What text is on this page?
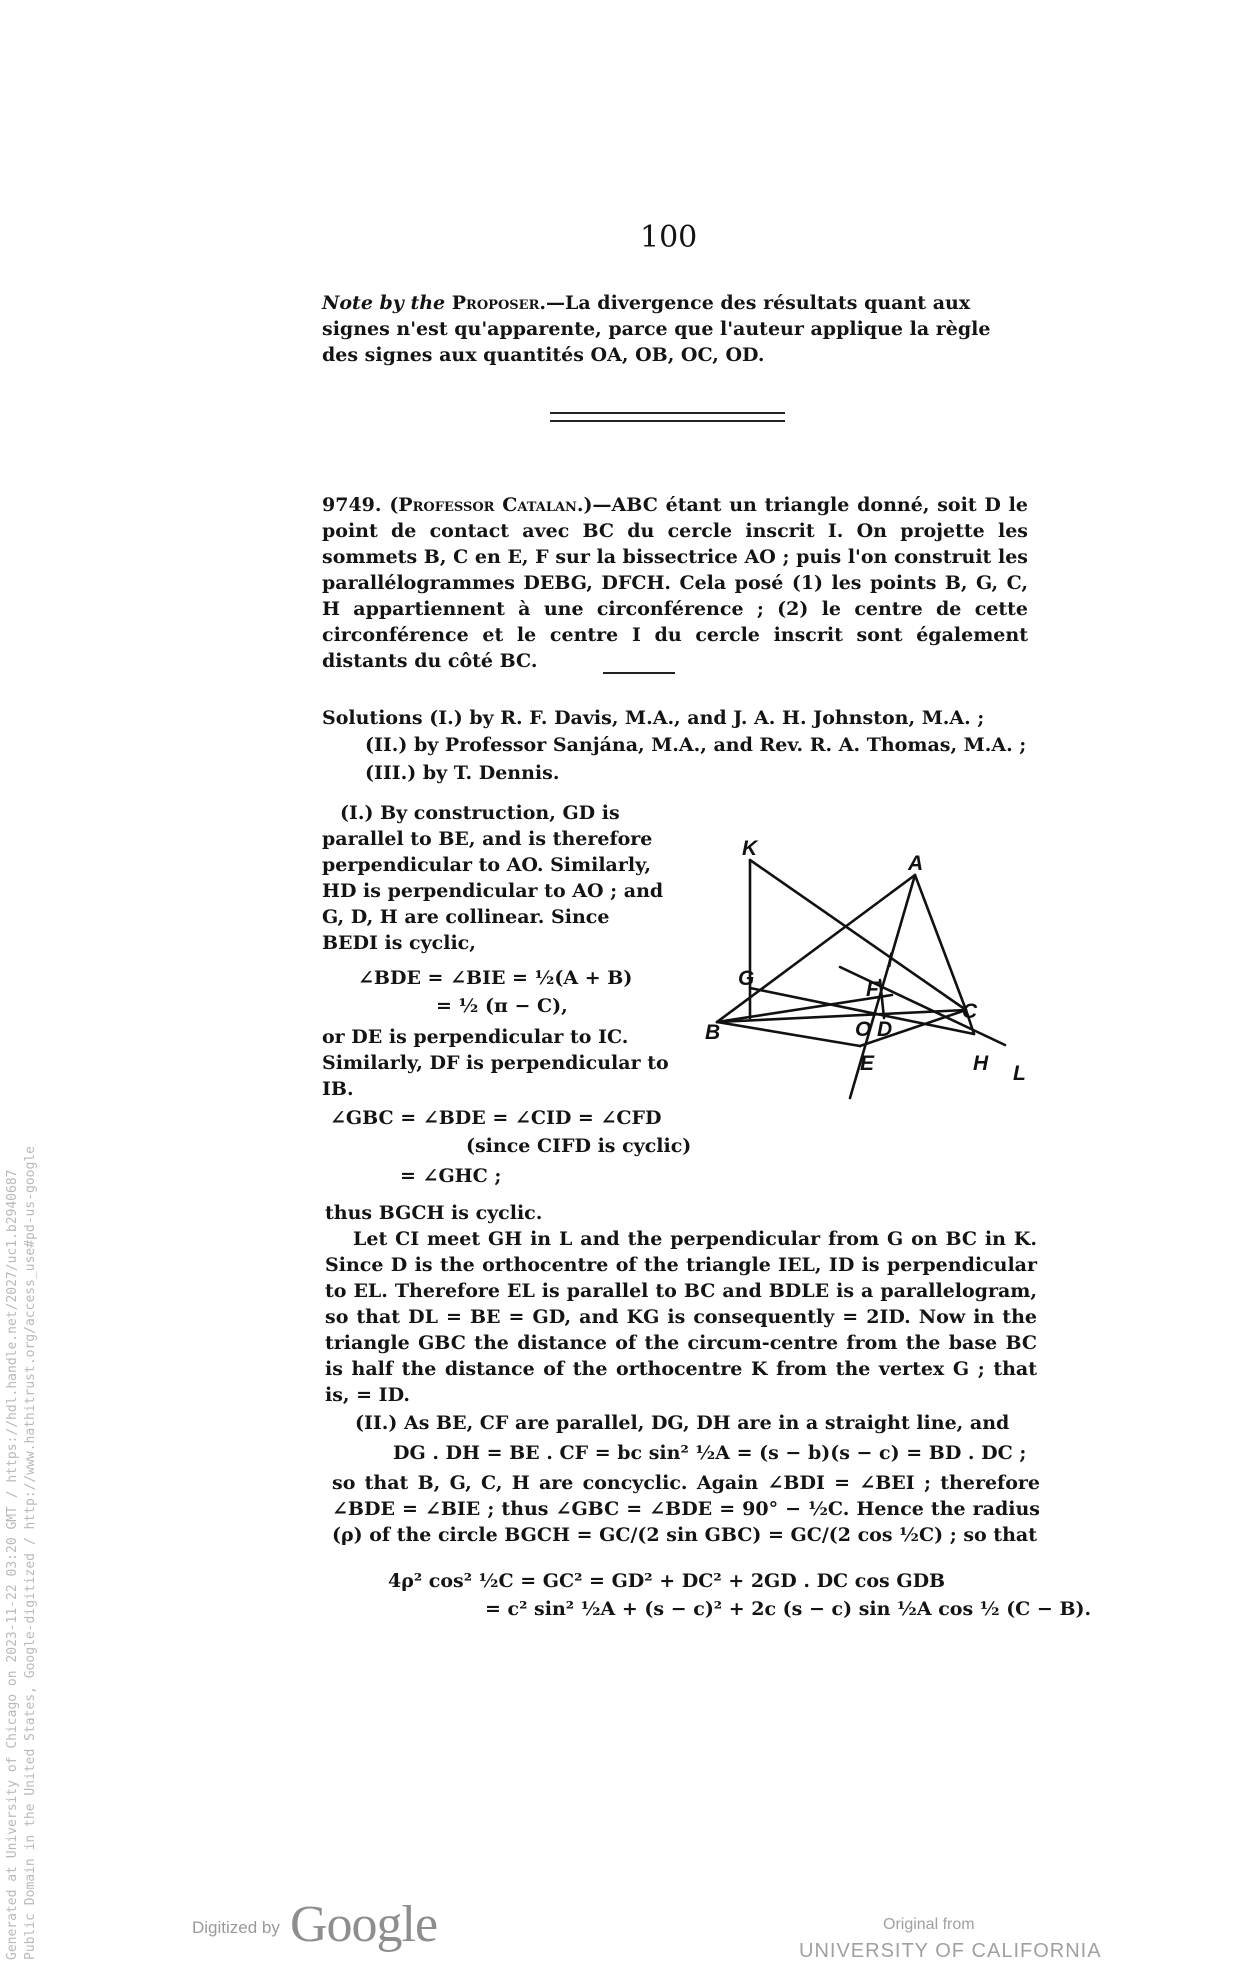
100
Note by the Proposer.—La divergence des résultats quant aux signes n'est qu'apparente, parce que l'auteur applique la règle des signes aux quantités OA, OB, OC, OD.
9749. (Professor Catalan.)—ABC étant un triangle donné, soit D le point de contact avec BC du cercle inscrit I. On projette les sommets B, C en E, F sur la bissectrice AO ; puis l'on construit les parallélogrammes DEBG, DFCH. Cela posé (1) les points B, G, C, H appartiennent à une circonférence ; (2) le centre de cette circonférence et le centre I du cercle inscrit sont également distants du côté BC.
Solutions (I.) by R. F. Davis, M.A., and J. A. H. Johnston, M.A. ;
(II.) by Professor Sanjána, M.A., and Rev. R. A. Thomas, M.A. ;
(III.) by T. Dennis.
(I.) By construction, GD is
parallel to BE, and is therefore
perpendicular to AO. Similarly,
HD is perpendicular to AO ; and
G, D, H are collinear. Since
BEDI is cyclic,
∠BDE = ∠BIE = ½(A + B)
= ½ (π − C),
or DE is perpendicular to IC.
Similarly, DF is perpendicular to
IB.
∠GBC = ∠BDE = ∠CID = ∠CFD
(since CIFD is cyclic)
= ∠GHC ;
thus BGCH is cyclic.
Let CI meet GH in L and the perpendicular from G on BC in K. Since D is the orthocentre of the triangle IEL, ID is perpendicular to EL. Therefore EL is parallel to BC and BDLE is a parallelogram, so that DL = BE = GD, and KG is consequently = 2ID. Now in the triangle GBC the distance of the circum-centre from the base BC is half the distance of the orthocentre K from the vertex G ; that is, = ID.
K
A
I
G	F
C
B	O D
E	H L
(II.) As BE, CF are parallel, DG, DH are in a straight line, and
DG . DH = BE . CF = bc sin² ½A = (s − b)(s − c) = BD . DC ;
so that B, G, C, H are concyclic. Again ∠BDI = ∠BEI ; therefore ∠BDE = ∠BIE ; thus ∠GBC = ∠BDE = 90° − ½C. Hence the radius (ρ) of the circle BGCH = GC/(2 sin GBC) = GC/(2 cos ½C) ; so that
4ρ² cos² ½C = GC² = GD² + DC² + 2GD . DC cos GDB
= c² sin² ½A + (s − c)² + 2c (s − c) sin ½A cos ½ (C − B).
Generated at University of Chicago on 2023-11-22 03:20 GMT / https://hdl.handle.net/2027/uc1.b2940687 Public Domain in the United States, Google-digitized / http://www.hathitrust.org/access_use#pd-us-google	Digitized by Google	Original from
UNIVERSITY OF CALIFORNIA
